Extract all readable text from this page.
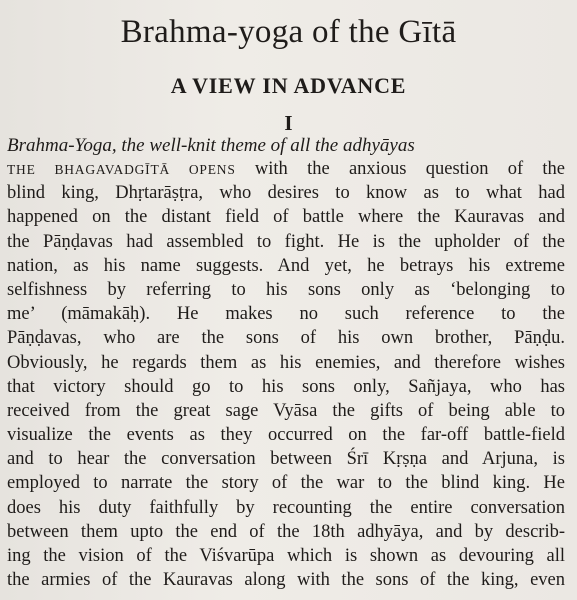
Brahma-yoga of the Gītā
A VIEW IN ADVANCE
I
Brahma-Yoga, the well-knit theme of all the adhyāyas
THE BHAGAVADGĪTĀ OPENS with the anxious question of the
blind king, Dhṛtarāṣṭra, who desires to know as to what had
happened on the distant field of battle where the Kauravas and
the Pāṇḍavas had assembled to fight. He is the upholder of the
nation, as his name suggests. And yet, he betrays his extreme
selfishness by referring to his sons only as ‘belonging to
me’ (māmakāḥ). He makes no such reference to the
Pāṇḍavas, who are the sons of his own brother, Pāṇḍu.
Obviously, he regards them as his enemies, and therefore wishes
that victory should go to his sons only, Sañjaya, who has
received from the great sage Vyāsa the gifts of being able to
visualize the events as they occurred on the far-off battle-field
and to hear the conversation between Śrī Kṛṣṇa and Arjuna, is
employed to narrate the story of the war to the blind king. He
does his duty faithfully by recounting the entire conversation
between them upto the end of the 18th adhyāya, and by describ-
ing the vision of the Viśvarūpa which is shown as devouring all
the armies of the Kauravas along with the sons of the king, even
